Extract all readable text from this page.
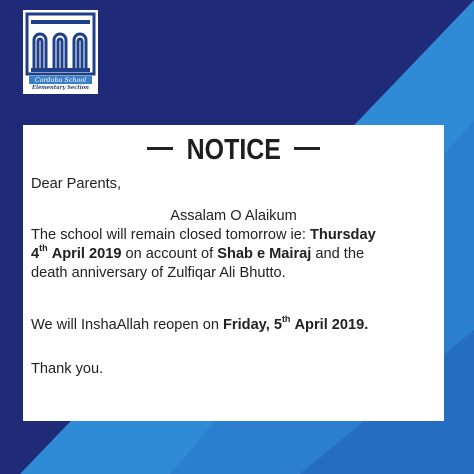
Cordoba School
Elementary Section
NOTICE
Dear Parents,
Assalam O Alaikum
The school will remain closed tomorrow ie: Thursday
4th April 2019 on account of Shab e Mairaj and the
death anniversary of Zulfiqar Ali Bhutto.
We will InshaAllah reopen on Friday, 5th April 2019.
Thank you.
